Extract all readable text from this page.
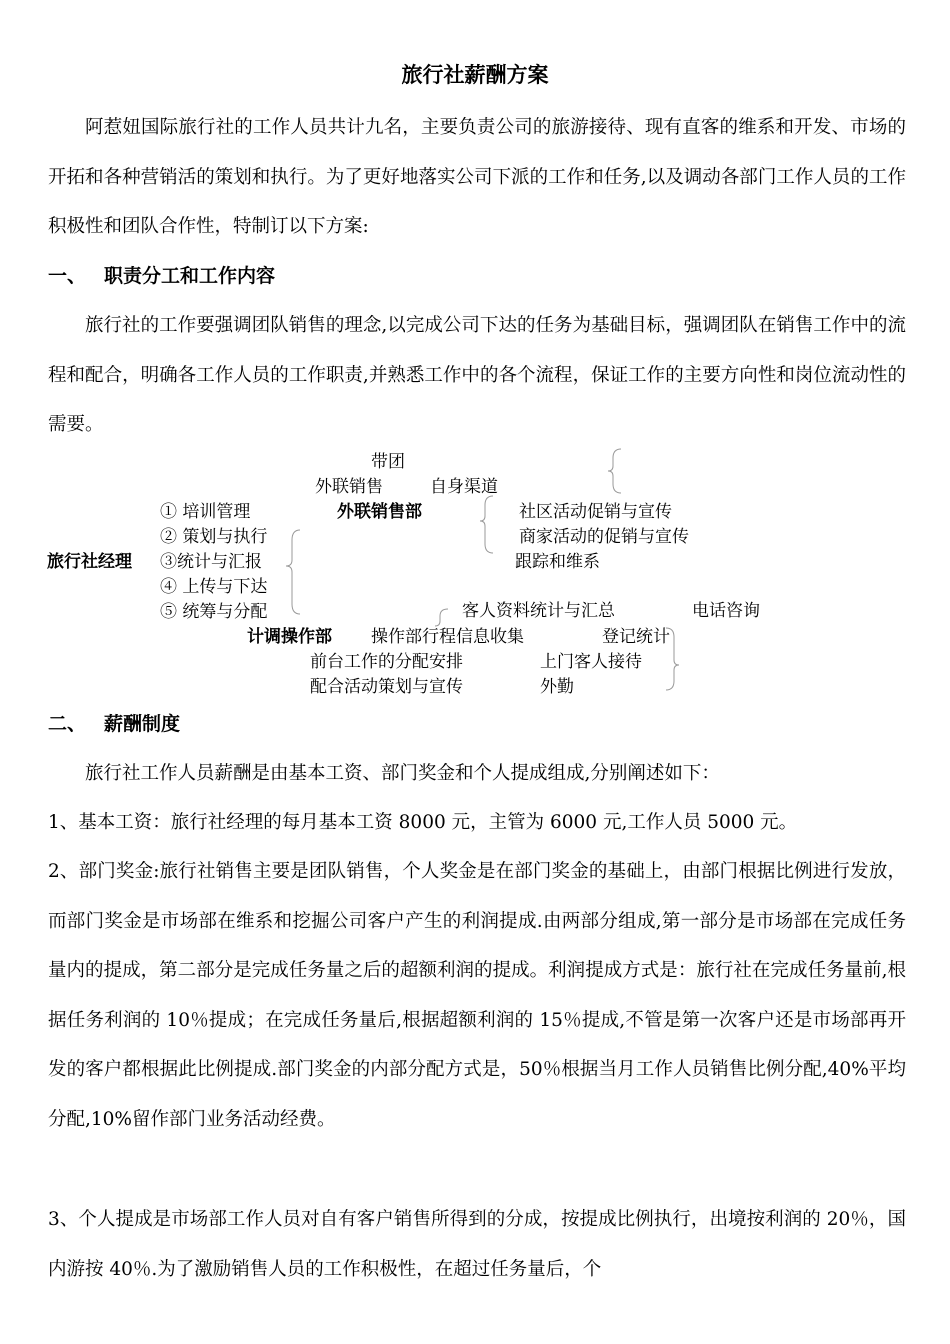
旅行社薪酬方案
阿惹妞国际旅行社的工作人员共计九名，主要负责公司的旅游接待、现有直客的维系和开发、市场的开拓和各种营销活的策划和执行。为了更好地落实公司下派的工作和任务,以及调动各部门工作人员的工作积极性和团队合作性，特制订以下方案:
一、 职责分工和工作内容
旅行社的工作要强调团队销售的理念,以完成公司下达的任务为基础目标，强调团队在销售工作中的流程和配合，明确各工作人员的工作职责,并熟悉工作中的各个流程，保证工作的主要方向性和岗位流动性的需要。
旅行社经理
① 培训管理
② 策划与执行
③统计与汇报
④ 上传与下达
⑤ 统筹与分配
带团
外联销售	自身渠道
外联销售部	社区活动促销与宣传
商家活动的促销与宣传
跟踪和维系
客人资料统计与汇总	电话咨询
计调操作部 操作部行程信息收集	登记统计
前台工作的分配安排	上门客人接待
配合活动策划与宣传	外勤
二、 薪酬制度
旅行社工作人员薪酬是由基本工资、部门奖金和个人提成组成,分别阐述如下：
1、基本工资：旅行社经理的每月基本工资 8000 元，主管为 6000 元,工作人员 5000 元。
2、部门奖金:旅行社销售主要是团队销售，个人奖金是在部门奖金的基础上，由部门根据比例进行发放，而部门奖金是市场部在维系和挖掘公司客户产生的利润提成.由两部分组成,第一部分是市场部在完成任务量内的提成，第二部分是完成任务量之后的超额利润的提成。利润提成方式是：旅行社在完成任务量前,根据任务利润的 10％提成；在完成任务量后,根据超额利润的 15％提成,不管是第一次客户还是市场部再开发的客户都根据此比例提成.部门奖金的内部分配方式是，50％根据当月工作人员销售比例分配,40%平均分配,10%留作部门业务活动经费。
3、个人提成是市场部工作人员对自有客户销售所得到的分成，按提成比例执行，出境按利润的 20％，国内游按 40％.为了激励销售人员的工作积极性，在超过任务量后，个
